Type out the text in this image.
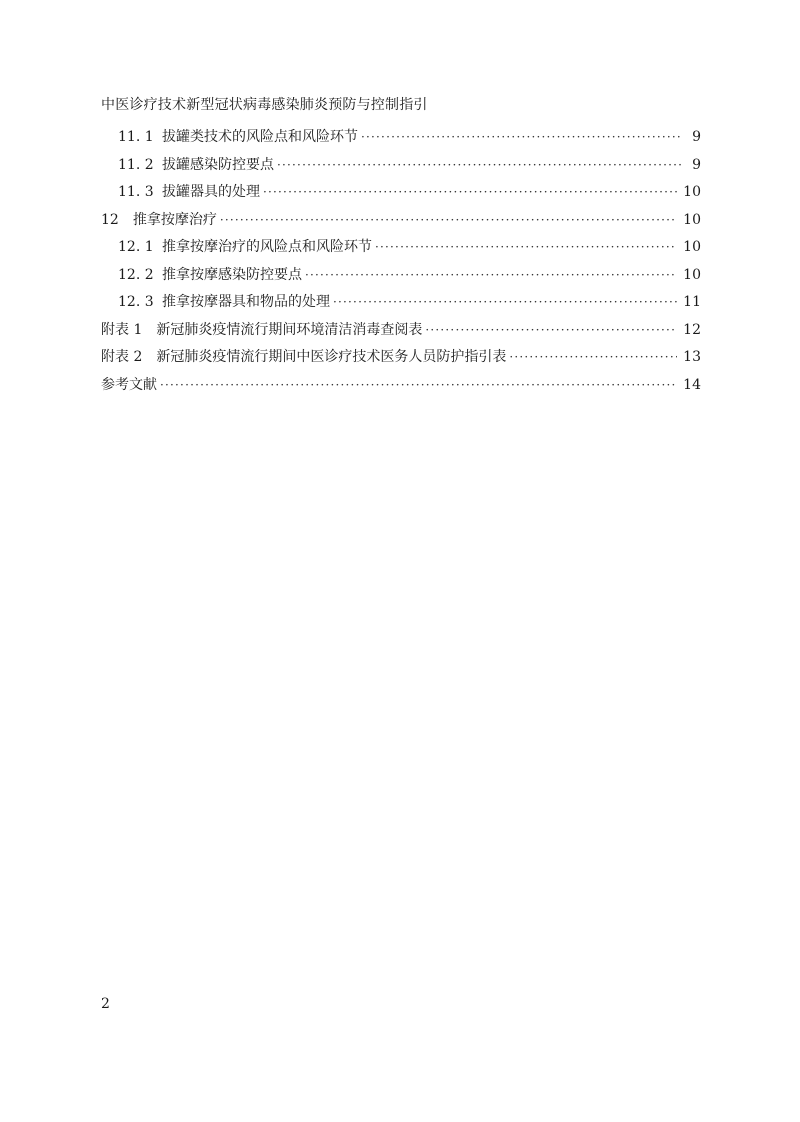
中医诊疗技术新型冠状病毒感染肺炎预防与控制指引
11. 1 拔罐类技术的风险点和风险环节 ·····	9
11. 2 拔罐感染防控要点 ·····	9
11. 3 拔罐器具的处理 ·····	10
12	推拿按摩治疗 ·····	10
12. 1 推拿按摩治疗的风险点和风险环节 ·····	10
12. 2 推拿按摩感染防控要点 ·····	10
12. 3 推拿按摩器具和物品的处理 ·····	11
附表 1	新冠肺炎疫情流行期间环境清洁消毒查阅表 ·····	12
附表 2	新冠肺炎疫情流行期间中医诊疗技术医务人员防护指引表 ·····	13
参考文献 ·····	14
2
